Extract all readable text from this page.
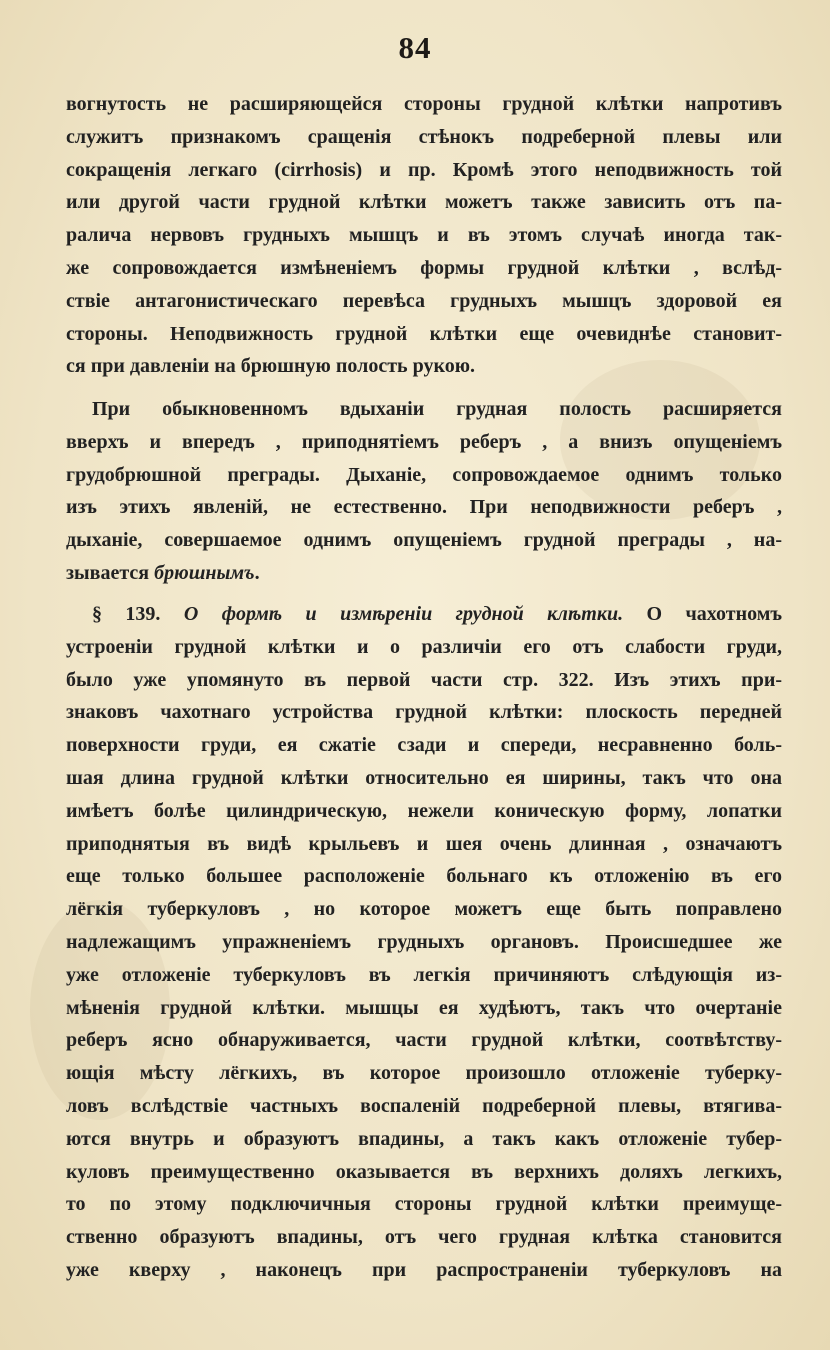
84
вогнутость не расширяющейся стороны грудной клѣтки напротивъ
служитъ признакомъ сращенія стѣнокъ подреберной плевы или
сокращенія легкаго (cirrhosis) и пр. Кромѣ этого неподвижность той
или другой части грудной клѣтки можетъ также зависить отъ па-
ралича нервовъ грудныхъ мышцъ и въ этомъ случаѣ иногда так-
же сопровождается измѣненіемъ формы грудной клѣтки , вслѣд-
ствіе антагонистическаго перевѣса грудныхъ мышцъ здоровой ея
стороны. Неподвижность грудной клѣтки еще очевиднѣе становит-
ся при давленіи на брюшную полость рукою.
При обыкновенномъ вдыханіи грудная полость расширяется
вверхъ и впередъ , приподнятіемъ реберъ , а внизъ опущеніемъ
грудобрюшной преграды. Дыханіе, сопровождаемое однимъ только
изъ этихъ явленій, не естественно. При неподвижности реберъ ,
дыханіе, совершаемое однимъ опущеніемъ грудной преграды , на-
зывается брюшнымъ.
§ 139. О формѣ и измѣреніи грудной клѣтки. О чахотномъ
устроеніи грудной клѣтки и о различіи его отъ слабости груди,
было уже упомянуто въ первой части стр. 322. Изъ этихъ при-
знаковъ чахотнаго устройства грудной клѣтки: плоскость передней
поверхности груди, ея сжатіе сзади и спереди, несравненно боль-
шая длина грудной клѣтки относительно ея ширины, такъ что она
имѣетъ болѣе цилиндрическую, нежели коническую форму, лопатки
приподнятыя въ видѣ крыльевъ и шея очень длинная , означаютъ
еще только большее расположеніе больнаго къ отложенію въ его
лёгкія туберкуловъ , но которое можетъ еще быть поправлено
надлежащимъ упражненіемъ грудныхъ органовъ. Происшедшее же
уже отложеніе туберкуловъ въ легкія причиняютъ слѣдующія из-
мѣненія грудной клѣтки. мышцы ея худѣютъ, такъ что очертаніе
реберъ ясно обнаруживается, части грудной клѣтки, соотвѣтству-
ющія мѣсту лёгкихъ, въ которое произошло отложеніе туберку-
ловъ вслѣдствіе частныхъ воспаленій подреберной плевы, втягива-
ются внутрь и образуютъ впадины, а такъ какъ отложеніе тубер-
куловъ преимущественно оказывается въ верхнихъ доляхъ легкихъ,
то по этому подключичныя стороны грудной клѣтки преимуще-
ственно образуютъ впадины, отъ чего грудная клѣтка становится
уже кверху , наконецъ при распространеніи туберкуловъ на
